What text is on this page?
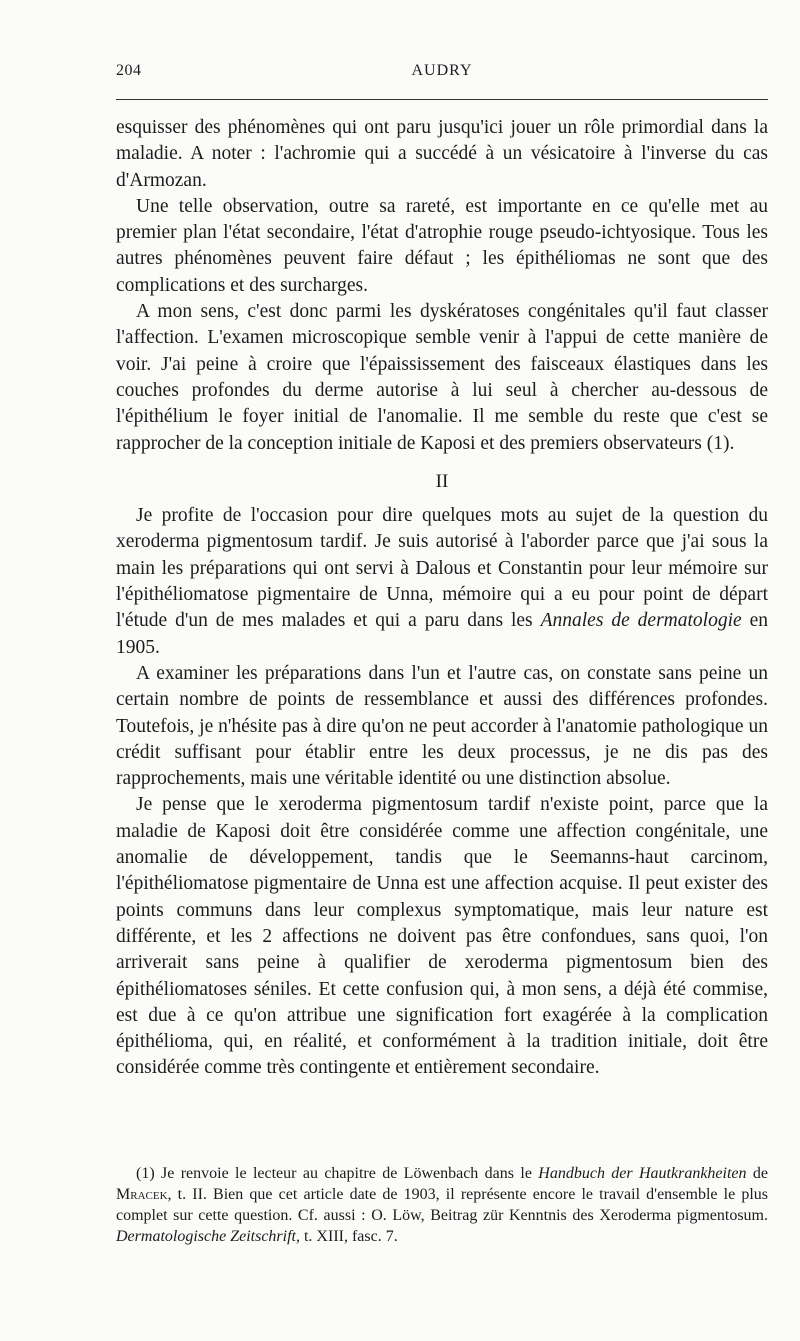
204	AUDRY

esquisser des phénomènes qui ont paru jusqu'ici jouer un rôle primordial dans la maladie. A noter : l'achromie qui a succédé à un vésicatoire à l'inverse du cas d'Armozan.

Une telle observation, outre sa rareté, est importante en ce qu'elle met au premier plan l'état secondaire, l'état d'atrophie rouge pseudo-ichtyosique. Tous les autres phénomènes peuvent faire défaut ; les épithéliomas ne sont que des complications et des surcharges.

A mon sens, c'est donc parmi les dyskératoses congénitales qu'il faut classer l'affection. L'examen microscopique semble venir à l'appui de cette manière de voir. J'ai peine à croire que l'épaississement des faisceaux élastiques dans les couches profondes du derme autorise à lui seul à chercher au-dessous de l'épithélium le foyer initial de l'anomalie. Il me semble du reste que c'est se rapprocher de la conception initiale de Kaposi et des premiers observateurs (1).

II

Je profite de l'occasion pour dire quelques mots au sujet de la question du xeroderma pigmentosum tardif. Je suis autorisé à l'aborder parce que j'ai sous la main les préparations qui ont servi à Dalous et Constantin pour leur mémoire sur l'épithéliomatose pigmentaire de Unna, mémoire qui a eu pour point de départ l'étude d'un de mes malades et qui a paru dans les Annales de dermatologie en 1905.

A examiner les préparations dans l'un et l'autre cas, on constate sans peine un certain nombre de points de ressemblance et aussi des différences profondes. Toutefois, je n'hésite pas à dire qu'on ne peut accorder à l'anatomie pathologique un crédit suffisant pour établir entre les deux processus, je ne dis pas des rapprochements, mais une véritable identité ou une distinction absolue.

Je pense que le xeroderma pigmentosum tardif n'existe point, parce que la maladie de Kaposi doit être considérée comme une affection congénitale, une anomalie de développement, tandis que le Seemanns-haut carcinom, l'épithéliomatose pigmentaire de Unna est une affection acquise. Il peut exister des points communs dans leur complexus symptomatique, mais leur nature est différente, et les 2 affections ne doivent pas être confondues, sans quoi, l'on arriverait sans peine à qualifier de xeroderma pigmentosum bien des épithéliomatoses séniles. Et cette confusion qui, à mon sens, a déjà été commise, est due à ce qu'on attribue une signification fort exagérée à la complication épithélioma, qui, en réalité, et conformément à la tradition initiale, doit être considérée comme très contingente et entièrement secondaire.

(1) Je renvoie le lecteur au chapitre de Löwenbach dans le Handbuch der Hautkrankheiten de Mracek, t. II. Bien que cet article date de 1903, il représente encore le travail d'ensemble le plus complet sur cette question. Cf. aussi : O. Löw, Beitrag zür Kenntnis des Xeroderma pigmentosum. Dermatologische Zeitschrift, t. XIII, fasc. 7.
